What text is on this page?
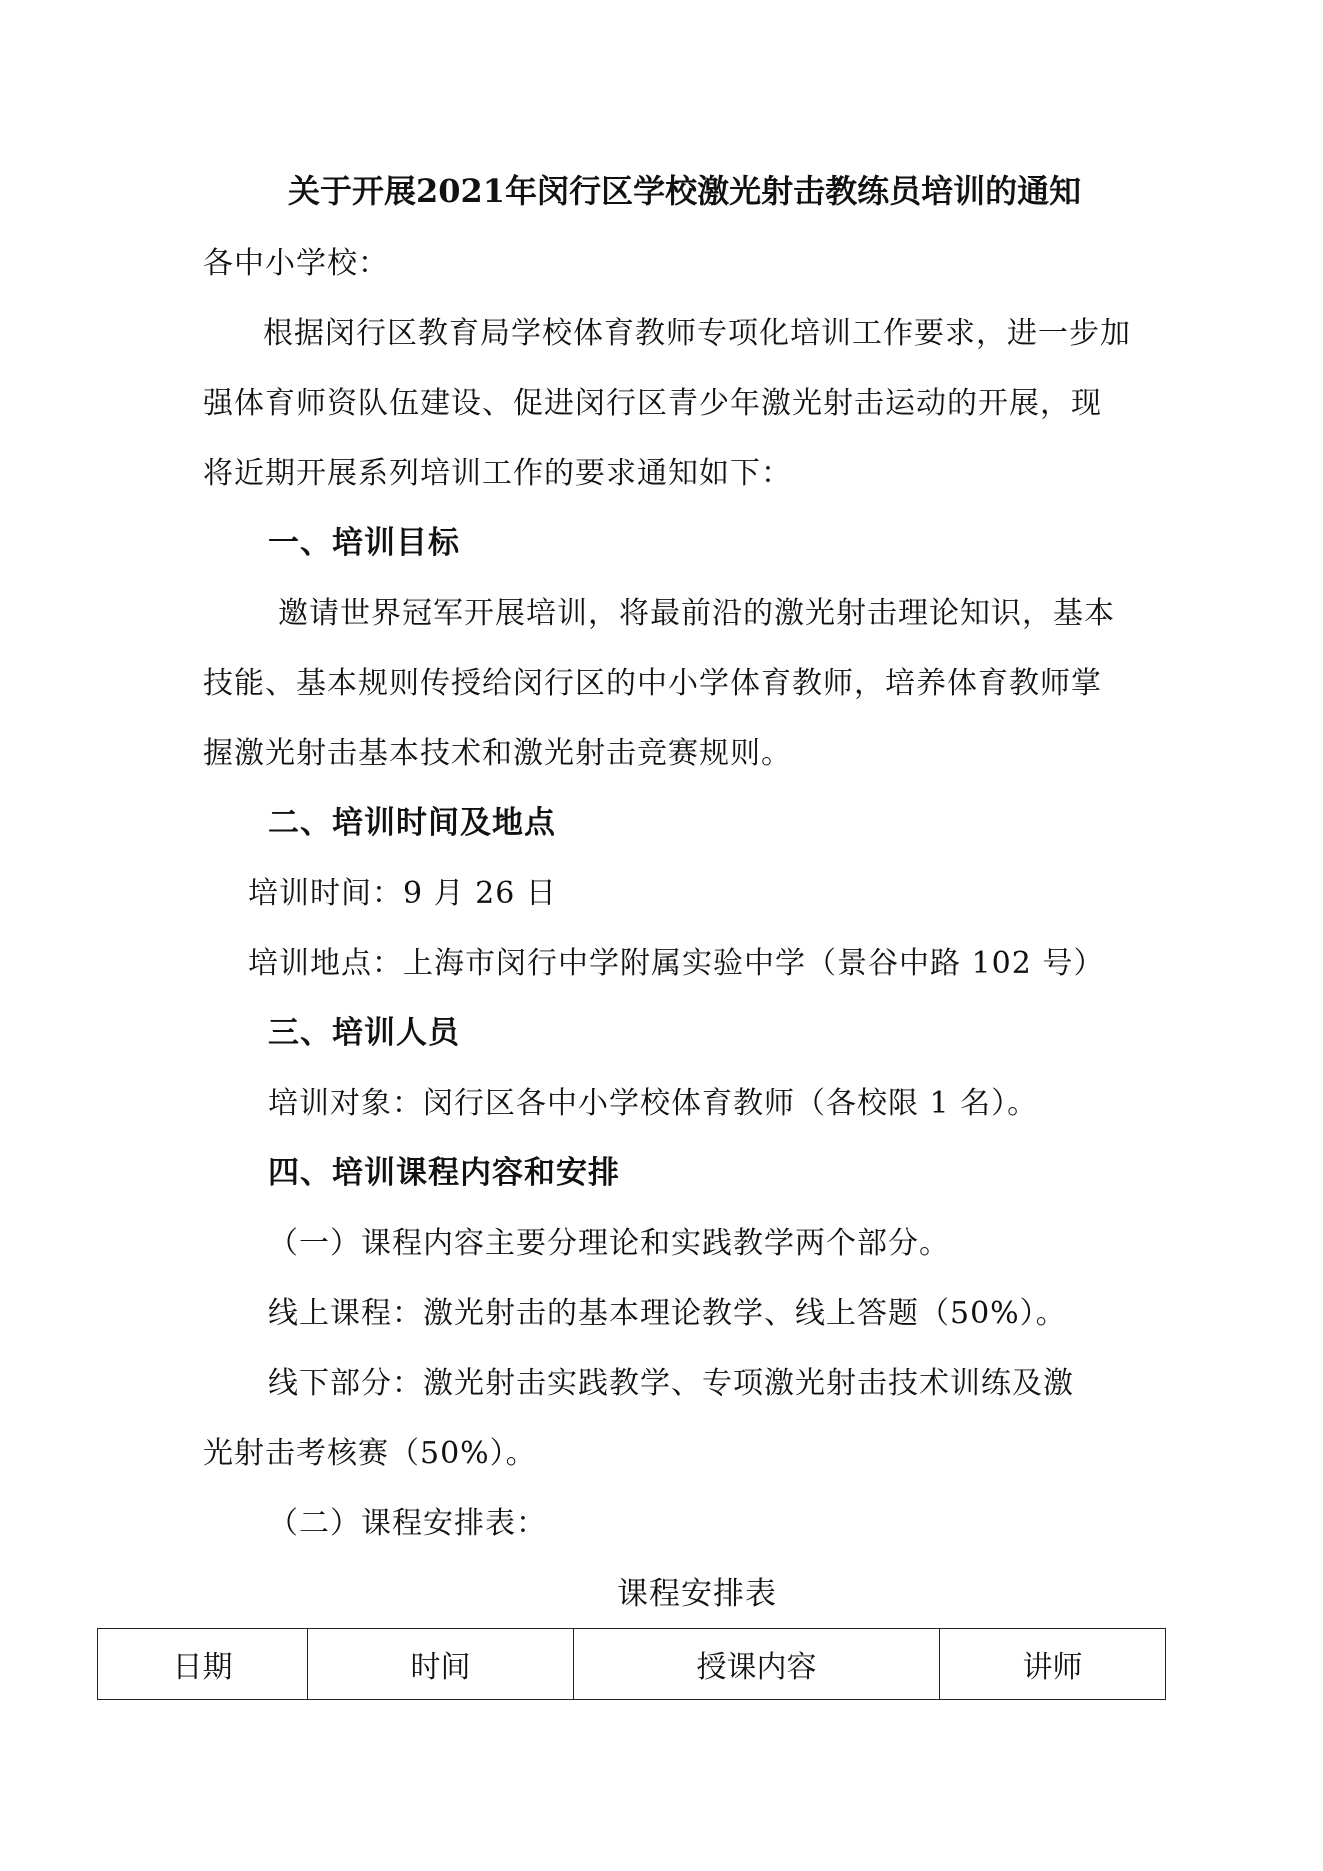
关于开展2021年闵行区学校激光射击教练员培训的通知
各中小学校：
根据闵行区教育局学校体育教师专项化培训工作要求，进一步加
强体育师资队伍建设、促进闵行区青少年激光射击运动的开展，现
将近期开展系列培训工作的要求通知如下：
一、培训目标
邀请世界冠军开展培训，将最前沿的激光射击理论知识，基本
技能、基本规则传授给闵行区的中小学体育教师，培养体育教师掌
握激光射击基本技术和激光射击竞赛规则。
二、培训时间及地点
培训时间：9 月 26 日
培训地点：上海市闵行中学附属实验中学（景谷中路 102 号）
三、培训人员
培训对象：闵行区各中小学校体育教师（各校限 1 名）。
四、培训课程内容和安排
（一）课程内容主要分理论和实践教学两个部分。
线上课程：激光射击的基本理论教学、线上答题（50%）。
线下部分：激光射击实践教学、专项激光射击技术训练及激
光射击考核赛（50%）。
（二）课程安排表：
课程安排表
日期	时间	授课内容	讲师
